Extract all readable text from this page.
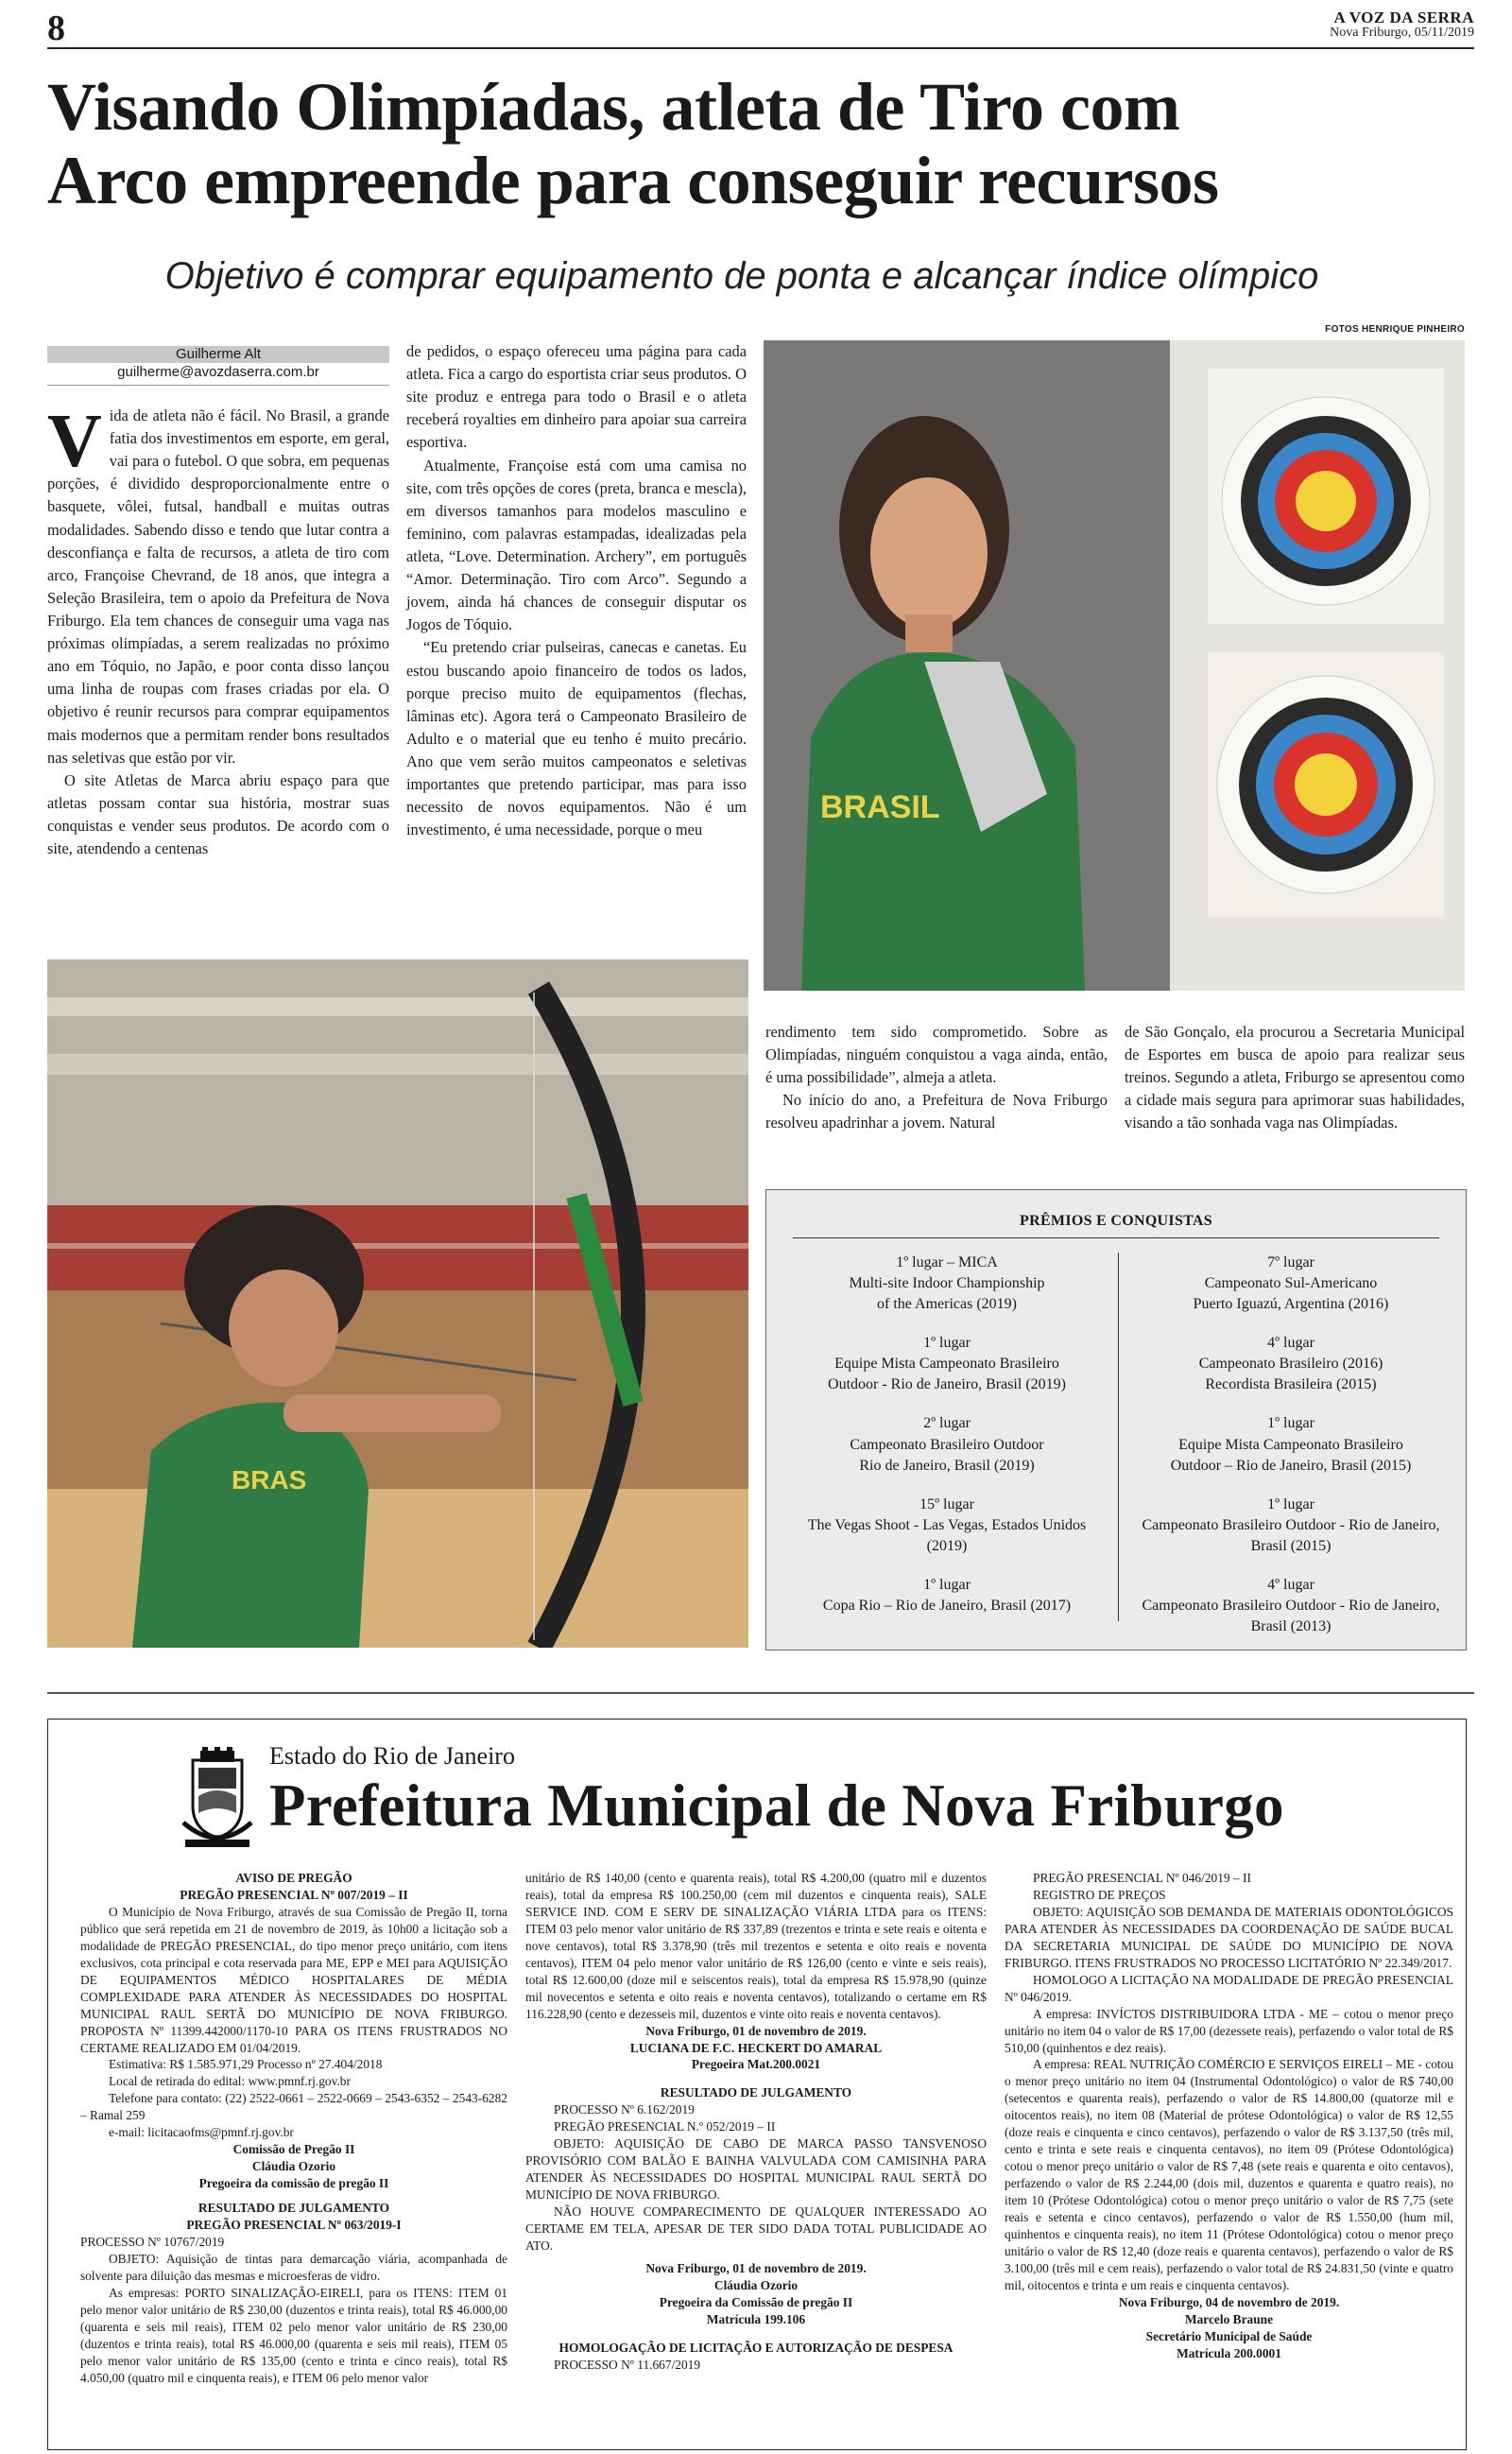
8	A VOZ DA SERRA
Nova Friburgo, 05/11/2019
Visando Olimpíadas, atleta de Tiro com
Arco empreende para conseguir recursos
Objetivo é comprar equipamento de ponta e alcançar índice olímpico
Guilherme Alt
guilherme@avozdaserra.com.br

Vida de atleta não é fácil. No Brasil, a grande fatia dos investimentos em esporte, em geral, vai para o futebol. O que sobra, em pequenas porções, é dividido desproporcionalmente entre o basquete, vôlei, futsal, handball e muitas outras modalidades. Sabendo disso e tendo que lutar contra a desconfiança e falta de recursos, a atleta de tiro com arco, Françoise Chevrand, de 18 anos, que integra a Seleção Brasileira, tem o apoio da Prefeitura de Nova Friburgo. Ela tem chances de conseguir uma vaga nas próximas olimpíadas, a serem realizadas no próximo ano em Tóquio, no Japão, e poor conta disso lançou uma linha de roupas com frases criadas por ela. O objetivo é reunir recursos para comprar equipamentos mais modernos que a permitam render bons resultados nas seletivas que estão por vir.

O site Atletas de Marca abriu espaço para que atletas possam contar sua história, mostrar suas conquistas e vender seus produtos. De acordo com o site, atendendo a centenas

de pedidos, o espaço ofereceu uma página para cada atleta. Fica a cargo do esportista criar seus produtos. O site produz e entrega para todo o Brasil e o atleta receberá royalties em dinheiro para apoiar sua carreira esportiva.

Atualmente, Françoise está com uma camisa no site, com três opções de cores (preta, branca e mescla), em diversos tamanhos para modelos masculino e feminino, com palavras estampadas, idealizadas pela atleta, “Love. Determination. Archery”, em português “Amor. Determinação. Tiro com Arco”. Segundo a jovem, ainda há chances de conseguir disputar os Jogos de Tóquio.

“Eu pretendo criar pulseiras, canecas e canetas. Eu estou buscando apoio financeiro de todos os lados, porque preciso muito de equipamentos (flechas, lâminas etc). Agora terá o Campeonato Brasileiro de Adulto e o material que eu tenho é muito precário. Ano que vem serão muitos campeonatos e seletivas importantes que pretendo participar, mas para isso necessito de novos equipamentos. Não é um investimento, é uma necessidade, porque o meu

FOTOS HENRIQUE PINHEIRO
BRASIL
BRAS

rendimento tem sido comprometido. Sobre as Olimpíadas, ninguém conquistou a vaga ainda, então, é uma possibilidade”, almeja a atleta.

No início do ano, a Prefeitura de Nova Friburgo resolveu apadrinhar a jovem. Natural

de São Gonçalo, ela procurou a Secretaria Municipal de Esportes em busca de apoio para realizar seus treinos. Segundo a atleta, Friburgo se apresentou como a cidade mais segura para aprimorar suas habilidades, visando a tão sonhada vaga nas Olimpíadas.

PRÊMIOS E CONQUISTAS
1º lugar – MICA
Multi-site Indoor Championship
of the Americas (2019)
1º lugar
Equipe Mista Campeonato Brasileiro
Outdoor - Rio de Janeiro, Brasil (2019)
2º lugar
Campeonato Brasileiro Outdoor
Rio de Janeiro, Brasil (2019)
15º lugar
The Vegas Shoot - Las Vegas, Estados Unidos
(2019)
1º lugar
Copa Rio – Rio de Janeiro, Brasil (2017)
7º lugar
Campeonato Sul-Americano
Puerto Iguazú, Argentina (2016)
4º lugar
Campeonato Brasileiro (2016)
Recordista Brasileira (2015)
1º lugar
Equipe Mista Campeonato Brasileiro
Outdoor – Rio de Janeiro, Brasil (2015)
1º lugar
Campeonato Brasileiro Outdoor - Rio de Janeiro,
Brasil (2015)
4º lugar
Campeonato Brasileiro Outdoor - Rio de Janeiro,
Brasil (2013)
Estado do Rio de Janeiro
Prefeitura Municipal de Nova Friburgo
AVISO DE PREGÃO
PREGÃO PRESENCIAL Nº 007/2019 – II
O Município de Nova Friburgo, através de sua Comissão de Pregão II, torna público que será repetida em 21 de novembro de 2019, às 10h00 a licitação sob a modalidade de PREGÃO PRESENCIAL, do tipo menor preço unitário, com itens exclusivos, cota principal e cota reservada para ME, EPP e MEI para AQUISIÇÃO DE EQUIPAMENTOS MÉDICO HOSPITALARES DE MÉDIA COMPLEXIDADE PARA ATENDER ÀS NECESSIDADES DO HOSPITAL MUNICIPAL RAUL SERTÃ DO MUNICÍPIO DE NOVA FRIBURGO. PROPOSTA Nº 11399.442000/1170-10 PARA OS ITENS FRUSTRADOS NO CERTAME REALIZADO EM 01/04/2019.
Estimativa: R$ 1.585.971,29 Processo nº 27.404/2018
Local de retirada do edital: www.pmnf.rj.gov.br
Telefone para contato: (22) 2522-0661 – 2522-0669 – 2543-6352 – 2543-6282 – Ramal 259
e-mail: licitacaofms@pmnf.rj.gov.br
Comissão de Pregão II
Cláudia Ozorio
Pregoeira da comissão de pregão II
RESULTADO DE JULGAMENTO
PREGÃO PRESENCIAL Nº 063/2019-I
PROCESSO Nº 10767/2019
OBJETO: Aquisição de tintas para demarcação viária, acompanhada de solvente para diluição das mesmas e microesferas de vidro.
As empresas: PORTO SINALIZAÇÃO-EIRELI, para os ITENS: ITEM 01 pelo menor valor unitário de R$ 230,00 (duzentos e trinta reais), total R$ 46.000,00 (quarenta e seis mil reais), ITEM 02 pelo menor valor unitário de R$ 230,00 (duzentos e trinta reais), total R$ 46.000,00 (quarenta e seis mil reais), ITEM 05 pelo menor valor unitário de R$ 135,00 (cento e trinta e cinco reais), total R$ 4.050,00 (quatro mil e cinquenta reais), e ITEM 06 pelo menor valor
unitário de R$ 140,00 (cento e quarenta reais), total R$ 4.200,00 (quatro mil e duzentos reais), total da empresa R$ 100.250,00 (cem mil duzentos e cinquenta reais), SALE SERVICE IND. COM E SERV DE SINALIZAÇÃO VIÁRIA LTDA para os ITENS: ITEM 03 pelo menor valor unitário de R$ 337,89 (trezentos e trinta e sete reais e oitenta e nove centavos), total R$ 3.378,90 (três mil trezentos e setenta e oito reais e noventa centavos), ITEM 04 pelo menor valor unitário de R$ 126,00 (cento e vinte e seis reais), total R$ 12.600,00 (doze mil e seiscentos reais), total da empresa R$ 15.978,90 (quinze mil novecentos e setenta e oito reais e noventa centavos), totalizando o certame em R$ 116.228,90 (cento e dezesseis mil, duzentos e vinte oito reais e noventa centavos).
Nova Friburgo, 01 de novembro de 2019.
LUCIANA DE F.C. HECKERT DO AMARAL
Pregoeira Mat.200.0021
RESULTADO DE JULGAMENTO
PROCESSO Nº 6.162/2019
PREGÃO PRESENCIAL N.º 052/2019 – II
OBJETO: AQUISIÇÃO DE CABO DE MARCA PASSO TANSVENOSO PROVISÓRIO COM BALÃO E BAINHA VALVULADA COM CAMISINHA PARA ATENDER ÀS NECESSIDADES DO HOSPITAL MUNICIPAL RAUL SERTÃ DO MUNICÍPIO DE NOVA FRIBURGO.
NÃO HOUVE COMPARECIMENTO DE QUALQUER INTERESSADO AO CERTAME EM TELA, APESAR DE TER SIDO DADA TOTAL PUBLICIDADE AO ATO.
Nova Friburgo, 01 de novembro de 2019.
Cláudia Ozorio
Pregoeira da Comissão de pregão II
Matrícula 199.106
HOMOLOGAÇÃO DE LICITAÇÃO E AUTORIZAÇÃO DE DESPESA
PROCESSO Nº 11.667/2019
PREGÃO PRESENCIAL Nº 046/2019 – II
REGISTRO DE PREÇOS
OBJETO: AQUISIÇÃO SOB DEMANDA DE MATERIAIS ODONTOLÓGICOS PARA ATENDER ÀS NECESSIDADES DA COORDENAÇÃO DE SAÚDE BUCAL DA SECRETARIA MUNICIPAL DE SAÚDE DO MUNICÍPIO DE NOVA FRIBURGO. ITENS FRUSTRADOS NO PROCESSO LICITATÓRIO Nº 22.349/2017.
HOMOLOGO A LICITAÇÃO NA MODALIDADE DE PREGÃO PRESENCIAL Nº 046/2019.
A empresa: INVÍCTOS DISTRIBUIDORA LTDA - ME – cotou o menor preço unitário no item 04 o valor de R$ 17,00 (dezessete reais), perfazendo o valor total de R$ 510,00 (quinhentos e dez reais).
A empresa: REAL NUTRIÇÃO COMÉRCIO E SERVIÇOS EIRELI – ME - cotou o menor preço unitário no item 04 (Instrumental Odontológico) o valor de R$ 740,00 (setecentos e quarenta reais), perfazendo o valor de R$ 14.800,00 (quatorze mil e oitocentos reais), no item 08 (Material de prótese Odontológica) o valor de R$ 12,55 (doze reais e cinquenta e cinco centavos), perfazendo o valor de R$ 3.137,50 (três mil, cento e trinta e sete reais e cinquenta centavos), no item 09 (Prótese Odontológica) cotou o menor preço unitário o valor de R$ 7,48 (sete reais e quarenta e oito centavos), perfazendo o valor de R$ 2.244,00 (dois mil, duzentos e quarenta e quatro reais), no item 10 (Prótese Odontológica) cotou o menor preço unitário o valor de R$ 7,75 (sete reais e setenta e cinco centavos), perfazendo o valor de R$ 1.550,00 (hum mil, quinhentos e cinquenta reais), no item 11 (Prótese Odontológica) cotou o menor preço unitário o valor de R$ 12,40 (doze reais e quarenta centavos), perfazendo o valor de R$ 3.100,00 (três mil e cem reais), perfazendo o valor total de R$ 24.831,50 (vinte e quatro mil, oitocentos e trinta e um reais e cinquenta centavos).
Nova Friburgo, 04 de novembro de 2019.
Marcelo Braune
Secretário Municipal de Saúde
Matrícula 200.0001
